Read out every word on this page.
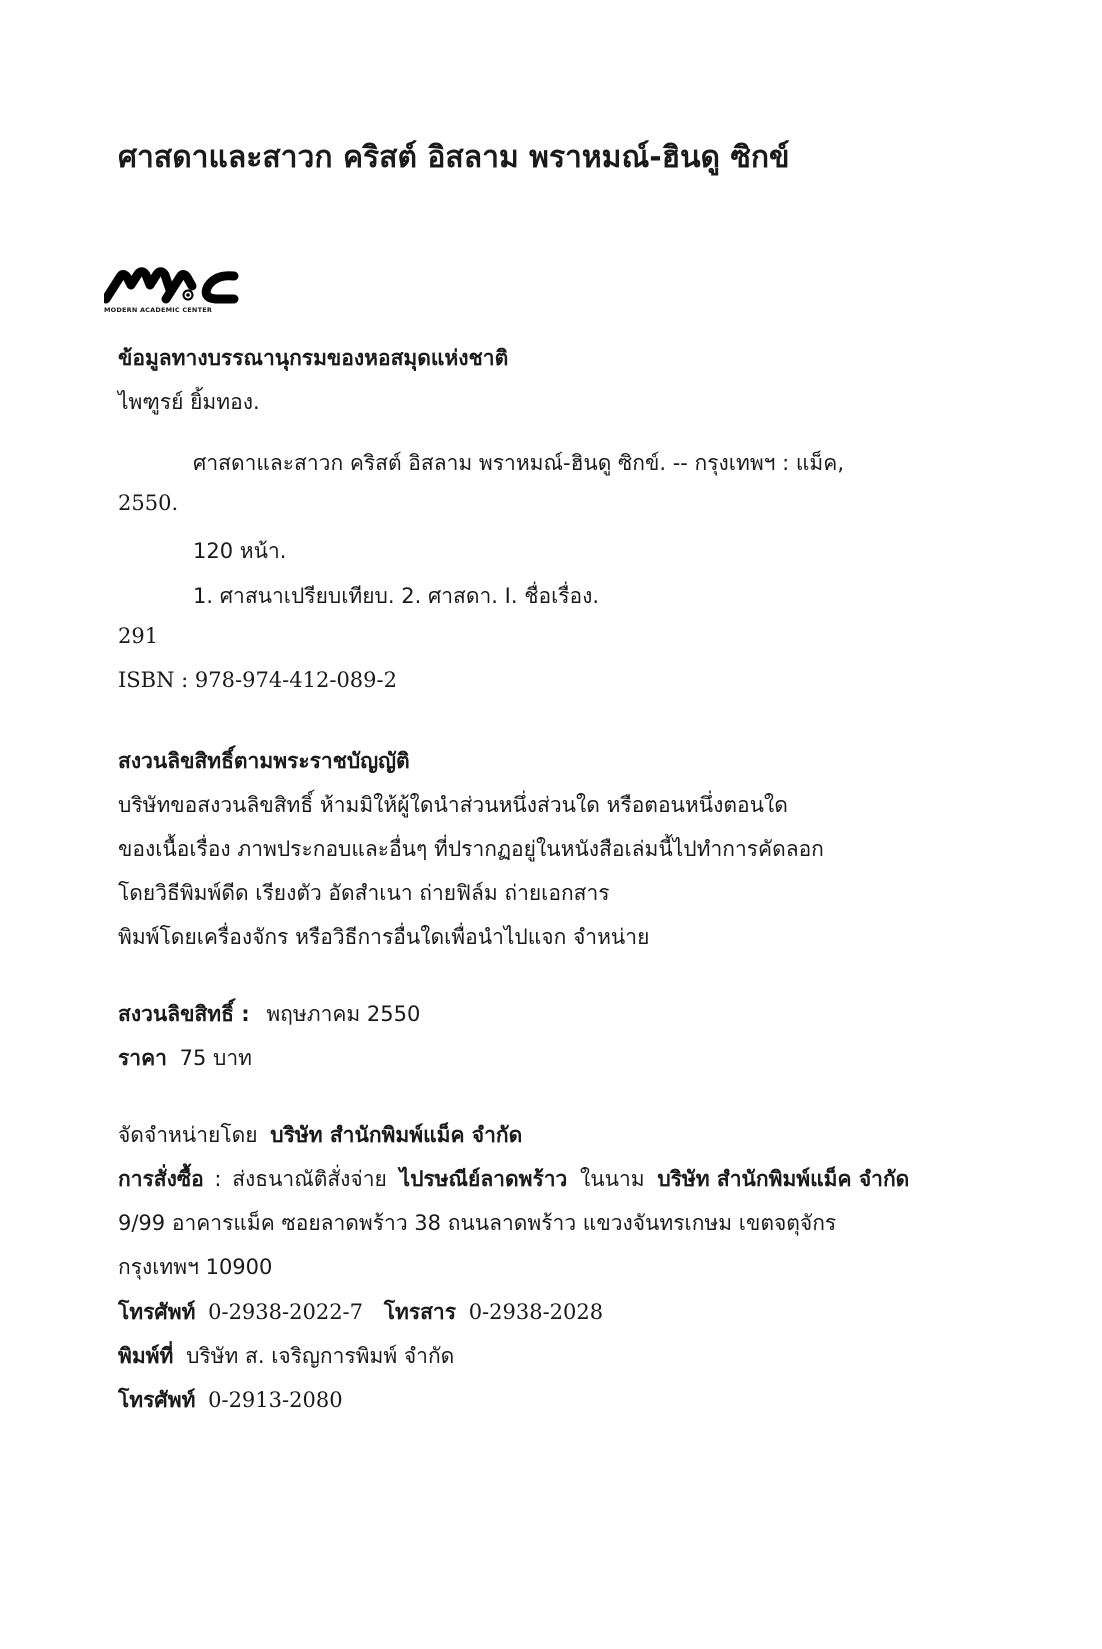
ศาสดาและสาวก คริสต์ อิสลาม พราหมณ์-ฮินดู ซิกข์
MODERN ACADEMIC CENTER
ข้อมูลทางบรรณานุกรมของหอสมุดแห่งชาติ
ไพฑูรย์ ยิ้มทอง.
ศาสดาและสาวก คริสต์ อิสลาม พราหมณ์-ฮินดู ซิกข์. -- กรุงเทพฯ : แม็ค,
2550.
120 หน้า.
1. ศาสนาเปรียบเทียบ. 2. ศาสดา. I. ชื่อเรื่อง.
291
ISBN : 978-974-412-089-2
สงวนลิขสิทธิ์ตามพระราชบัญญัติ
บริษัทขอสงวนลิขสิทธิ์ ห้ามมิให้ผู้ใดนำส่วนหนึ่งส่วนใด หรือตอนหนึ่งตอนใด
ของเนื้อเรื่อง ภาพประกอบและอื่นๆ ที่ปรากฏอยู่ในหนังสือเล่มนี้ไปทำการคัดลอก
โดยวิธีพิมพ์ดีด เรียงตัว อัดสำเนา ถ่ายฟิล์ม ถ่ายเอกสาร
พิมพ์โดยเครื่องจักร หรือวิธีการอื่นใดเพื่อนำไปแจก จำหน่าย
สงวนลิขสิทธิ์ : พฤษภาคม 2550
ราคา 75 บาท
จัดจำหน่ายโดย บริษัท สำนักพิมพ์แม็ค จำกัด
การสั่งซื้อ : ส่งธนาณัติสั่งจ่าย ไปรษณีย์ลาดพร้าว ในนาม บริษัท สำนักพิมพ์แม็ค จำกัด
9/99 อาคารแม็ค ซอยลาดพร้าว 38 ถนนลาดพร้าว แขวงจันทรเกษม เขตจตุจักร
กรุงเทพฯ 10900
โทรศัพท์ 0-2938-2022-7 โทรสาร 0-2938-2028
พิมพ์ที่ บริษัท ส. เจริญการพิมพ์ จำกัด
โทรศัพท์ 0-2913-2080
